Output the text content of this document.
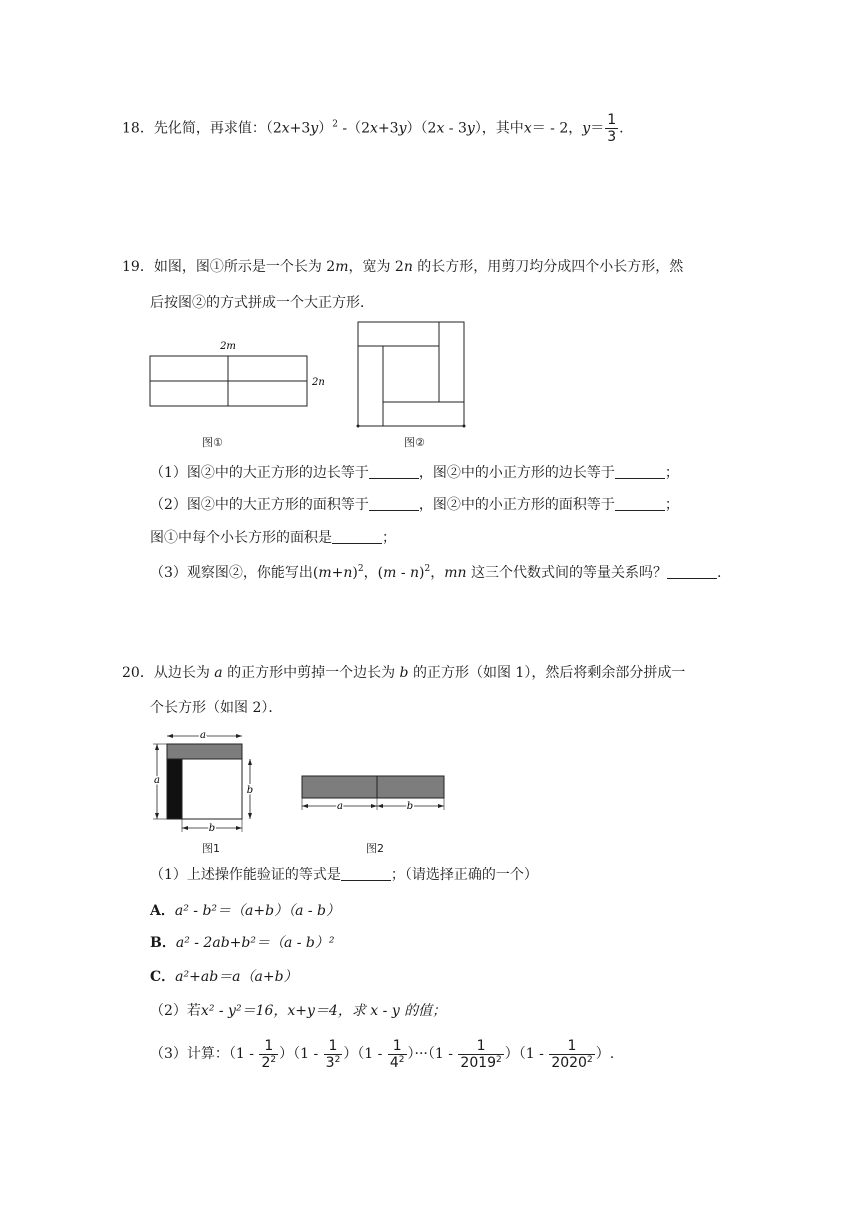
18．先化简，再求值：$(2x+3y)^2$ -（2x+3y）（2x - 3y），其中x＝ - 2，$y= \frac{1}{3}$ .
19．如图，图①所示是一个长为 2m，宽为 2n 的长方形，用剪刀均分成四个小长方形，然
后按图②的方式拼成一个大正方形．
2m
2n
图①	图②
（1）图②中的大正方形的边长等于	，图②中的小正方形的边长等于	；
（2）图②中的大正方形的面积等于	，图②中的小正方形的面积等于	；
图①中每个小长方形的面积是	；
（3）观察图②，你能写出$(m+n)^2$，(m - n)$^2$，mn 这三个代数式间的等量关系吗？	.
20．从边长为 a 的正方形中剪掉一个边长为 b 的正方形（如图 1），然后将剩余部分拼成一
个长方形（如图 2）．
a
a
b
b
图1
a	b
图2
（1）上述操作能验证的等式是	；（请选择正确的一个）
A．a² - b²＝（a+b）（a - b）
B．a² - 2ab+b²＝（a - b）²
C．a²+ab＝a（a+b）
（2）若x² - y²＝16，x+y＝4，求 x - y 的值；
（3）计算：$(1 - \frac{1}{2^2} )(1 - \frac{1}{3^2} )(1 - \frac{1}{4^2} )\cdot\cdot\cdot(1 - \frac{1}{2019^2} )(1 - \frac{1}{2020^2}$ ）.
